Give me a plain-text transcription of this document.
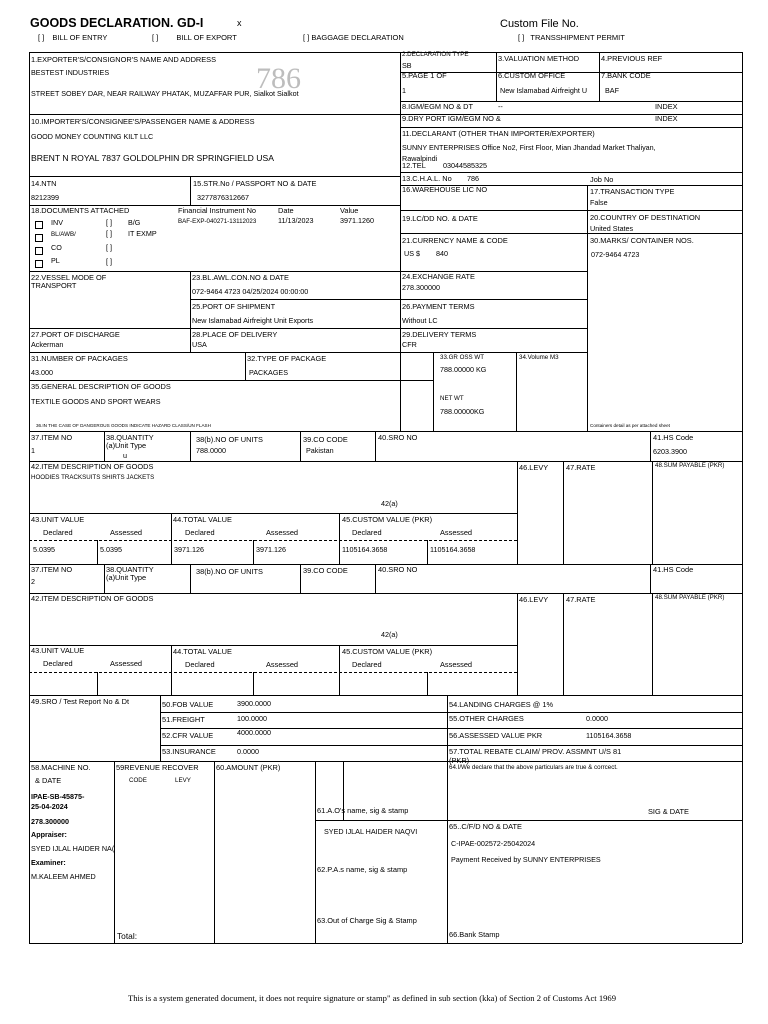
GOODS DECLARATION. GD-I	x	Custom File No.
[ ] BILL OF ENTRY	[ ] BILL OF EXPORT	[ ] BAGGAGE DECLARATION	[ ] TRANSSHIPMENT PERMIT
786
1.EXPORTER'S/CONSIGNOR'S NAME AND ADDRESS
BESTEST INDUSTRIES
STREET SOBEY DAR, NEAR RAILWAY PHATAK, MUZAFFAR PUR, Sialkot Sialkot
2.DECLARATION TYPE
SB
3.VALUATION METHOD	4.PREVIOUS REF
5.PAGE 1 OF
1
6.CUSTOM OFFICE
New Islamabad Airfreight U
7.BANK CODE
BAF
8.IGM/EGM NO & DT	--	INDEX
9.DRY PORT IGM/EGM NO &	INDEX
10.IMPORTER'S/CONSIGNEE'S/PASSENGER NAME & ADDRESS
GOOD MONEY COUNTING KILT LLC
BRENT N ROYAL 7837 GOLDOLPHIN DR SPRINGFIELD USA
11.DECLARANT (OTHER THAN IMPORTER/EXPORTER)
SUNNY ENTERPRISES Office No2, First Floor, Mian Jhandad Market Thaliyan,
Rawalpindi
12.TEL 03044585325
13.C.H.A.L. No 786	Job No
14.NTN
8212399
15.STR.No / PASSPORT NO & DATE
3277876312667
16.WAREHOUSE LIC NO	17.TRANSACTION TYPE
False
18.DOCUMENTS ATTACHED	Financial Instrument No	Date	Value
BAF-EXP-040271-13112023	11/13/2023	3971.1260
INV	[ ] B/G
BL/AWB/	[ ] IT EXMP
CO	[ ]
PL	[ ]
19.LC/DD NO. & DATE	20.COUNTRY OF DESTINATION
United States
21.CURRENCY NAME & CODE
US $ 840
30.MARKS/ CONTAINER NOS.
072-9464 4723
22.VESSEL MODE OF
TRANSPORT
23.BL.AWL.CON.NO & DATE
072-9464 4723 04/25/2024 00:00:00
24.EXCHANGE RATE
278.300000
25.PORT OF SHIPMENT
New Islamabad Airfreight Unit Exports
26.PAYMENT TERMS
Without LC
27.PORT OF DISCHARGE
Ackerman
28.PLACE OF DELIVERY
USA
29.DELIVERY TERMS
CFR
31.NUMBER OF PACKAGES
43.000
32.TYPE OF PACKAGE
PACKAGES
33.GR OSS WT
788.00000 KG
34.Volume M3
35.GENERAL DESCRIPTION OF GOODS
TEXTILE GOODS AND SPORT WEARS
36.IN THE CASE OF DANGEROUS GOODS INDICATE HAZARD CLASS/UN FLASH
NET WT
788.00000KG
Containers detail as per attached sheet
37.ITEM NO
1
38.QUANTITY
(a)Unit Type
u
38(b).NO OF UNITS
788.0000
39.CO CODE
Pakistan
40.SRO NO	41.HS Code
6203.3900
42.ITEM DESCRIPTION OF GOODS
HOODIES TRACKSUITS SHIRTS JACKETS
42(a)
46.LEVY 47.RATE	48.SUM PAYABLE (PKR)
43.UNIT VALUE	44.TOTAL VALUE	45.CUSTOM VALUE (PKR)
Declared	Assessed	Declared	Assessed	Declared	Assessed
5.0395	5.0395	3971.126	3971.126	1105164.3658	1105164.3658
37.ITEM NO
2
38.QUANTITY
(a)Unit Type
38(b).NO OF UNITS	39.CO CODE	40.SRO NO	41.HS Code
42.ITEM DESCRIPTION OF GOODS
42(a)
46.LEVY 47.RATE	48.SUM PAYABLE (PKR)
43.UNIT VALUE	44.TOTAL VALUE	45.CUSTOM VALUE (PKR)
Declared	Assessed	Declared	Assessed	Declared	Assessed
49.SRO / Test Report No & Dt	50.FOB VALUE	3900.0000
51.FREIGHT	100.0000
52.CFR VALUE	4000.0000
53.INSURANCE	0.0000
54.LANDING CHARGES @ 1%
55.OTHER CHARGES	0.0000
56.ASSESSED VALUE PKR	1105164.3658
57.TOTAL REBATE CLAIM/ PROV. ASSMNT U/S 81
(PKR)
58.MACHINE NO.
& DATE
IPAE-SB-45875-
25-04-2024
278.300000
Appraiser:
SYED IJLAL HAIDER NA(
Examiner:
M.KALEEM AHMED
59REVENUE RECOVER
CODE	LEVY
60.AMOUNT (PKR)
Total:
61.A.O's name, sig & stamp
SYED IJLAL HAIDER NAQVI
62.P.A.s name, sig & stamp
63.Out of Charge Sig & Stamp
64.I/We declare that the above particulars are true & corrcect.
SIG & DATE
65..C/F/D NO & DATE
C-IPAE-002572-25042024
Payment Received by SUNNY ENTERPRISES
66.Bank Stamp
This is a system generated document, it does not require signature or stamp" as defined in sub section (kka) of Section 2 of Customs Act 1969
